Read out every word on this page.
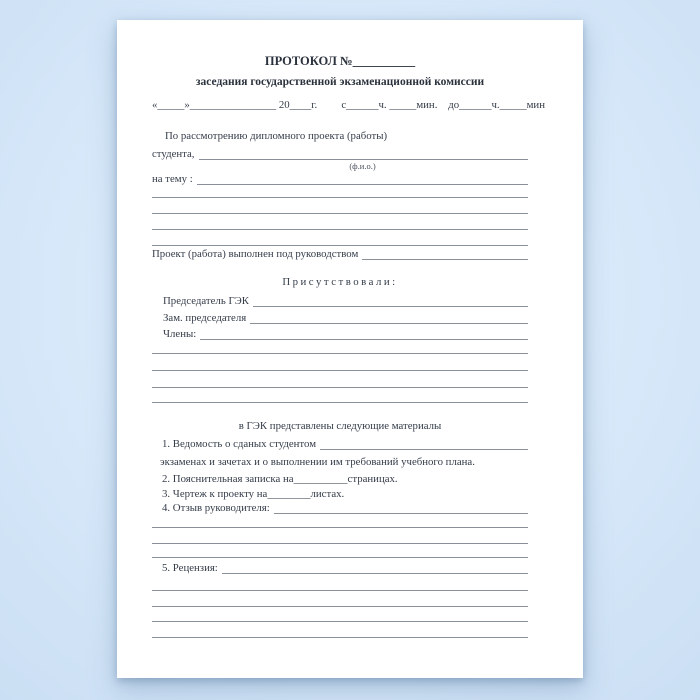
ПРОТОКОЛ №__________
заседания государственной экзаменационной комиссии
«_____»________________ 20____г. с______ч. _____мин.    до______ч._____мин
По рассмотрению дипломного проекта (работы)
студента,
(ф.и.о.)
на тему :
Проект (работа) выполнен под руководством
Присутствовали:
Председатель ГЭК
Зам. председателя
Члены:
в ГЭК представлены следующие материалы
1. Ведомость о сданых студентом
экзаменах и зачетах и о выполнении им требований учебного плана.
2. Пояснительная записка на__________страницах.
3. Чертеж к проекту на________листах.
4. Отзыв руководителя:
5. Рецензия:
